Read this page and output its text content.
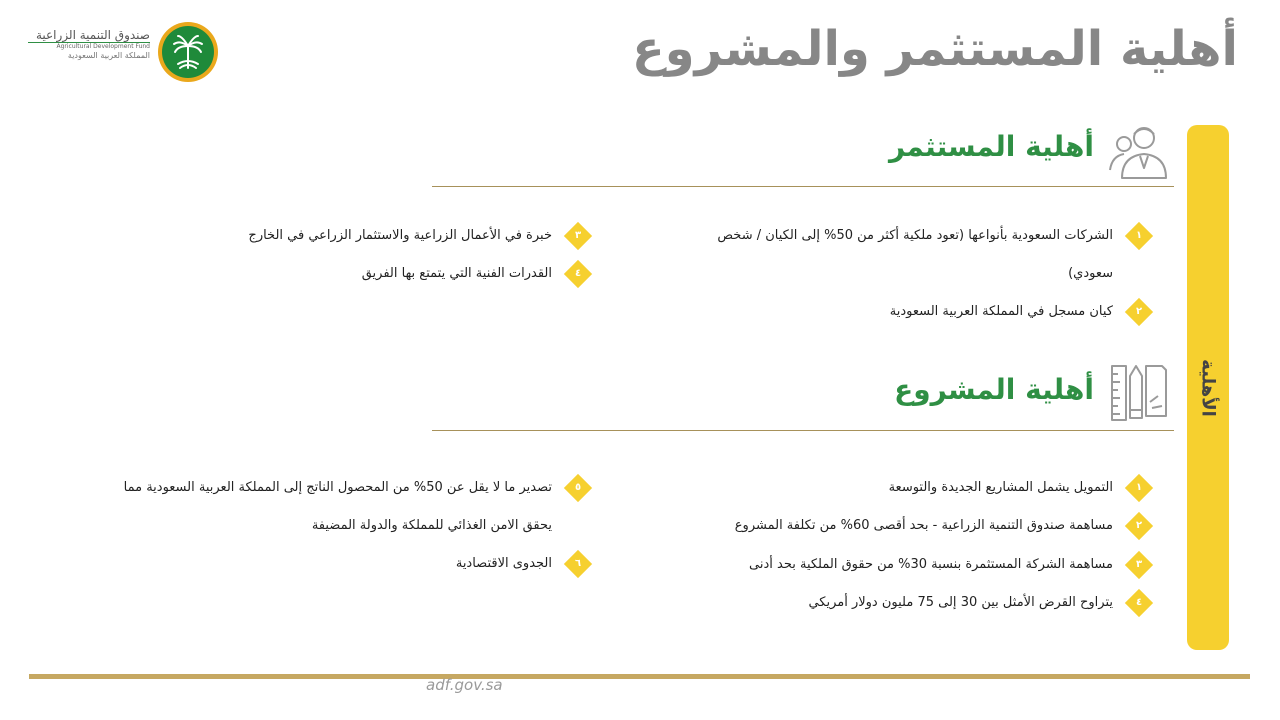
صندوق التنمية الزراعية
Agricultural Development Fund
المملكة العربية السعودية	أهلية المستثمر والمشروع
الأهلية
أهلية المستثمر
١
الشركات السعودية بأنواعها (تعود ملكية أكثر من 50% إلى الكيان / شخص
سعودي)
٢
كيان مسجل في المملكة العربية السعودية
٣
خبرة في الأعمال الزراعية والاستثمار الزراعي في الخارج
٤
القدرات الفنية التي يتمتع بها الفريق
أهلية المشروع
١
التمويل يشمل المشاريع الجديدة والتوسعة
٢
مساهمة صندوق التنمية الزراعية - بحد أقصى 60% من تكلفة المشروع
٣
مساهمة الشركة المستثمرة بنسبة 30% من حقوق الملكية بحد أدنى
٤
يتراوح القرض الأمثل بين 30 إلى 75 مليون دولار أمريكي
٥
تصدير ما لا يقل عن 50% من المحصول الناتج إلى المملكة العربية السعودية مما
يحقق الامن الغذائي للمملكة والدولة المضيفة
٦
الجدوى الاقتصادية
adf.gov.sa
